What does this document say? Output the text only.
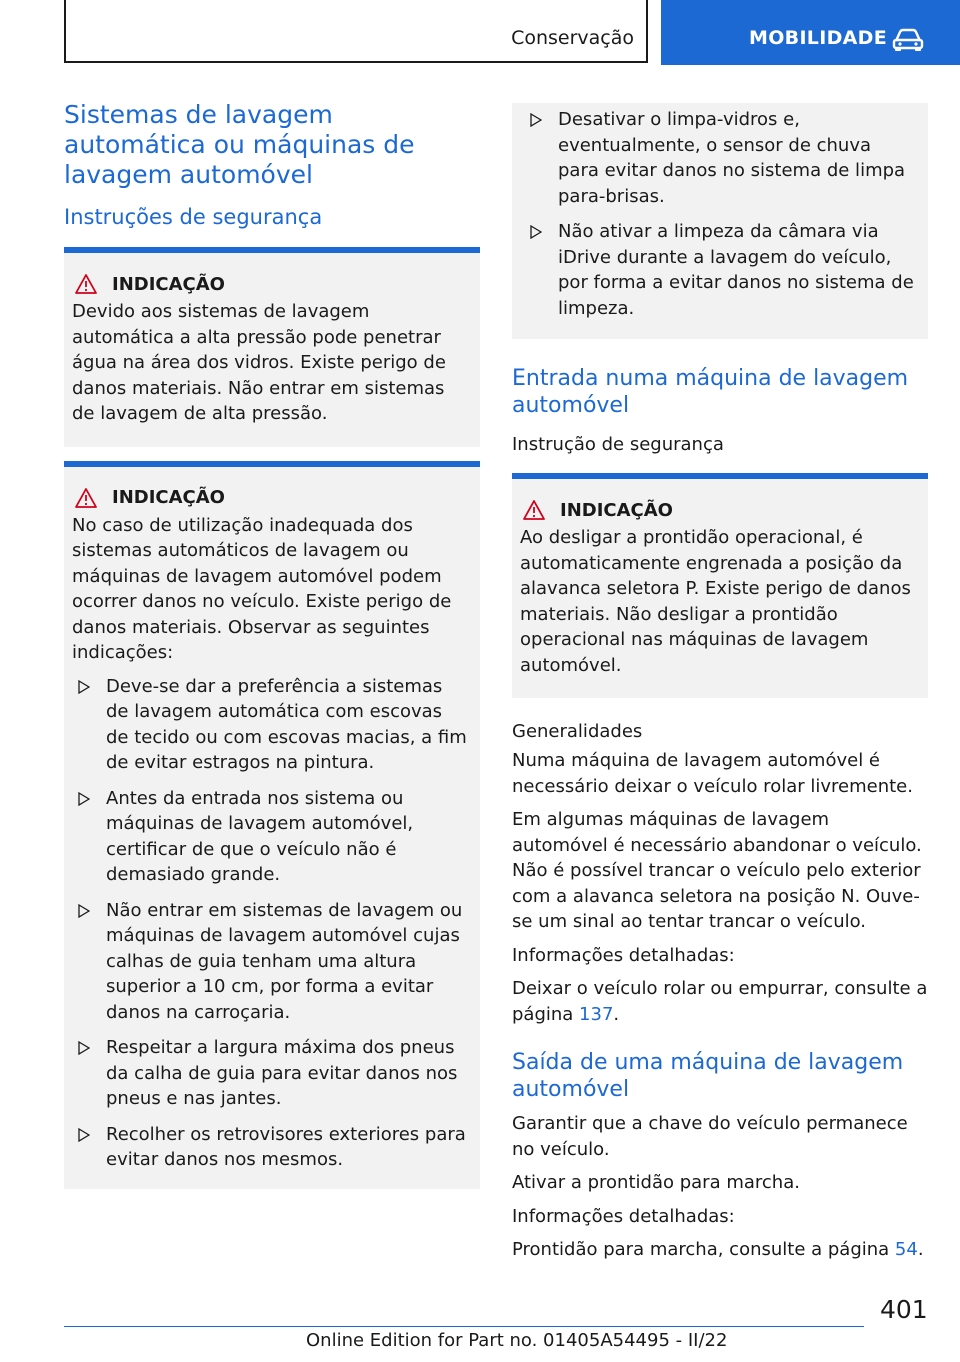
Conservação	MOBILIDADE
Sistemas de lavagem automática ou máquinas de lavagem automóvel
Instruções de segurança
INDICAÇÃO

Devido aos sistemas de lavagem automática a alta pressão pode penetrar água na área dos vidros. Existe perigo de danos materiais. Não entrar em sistemas de lavagem de alta pressão.

INDICAÇÃO

No caso de utilização inadequada dos sistemas automáticos de lavagem ou máquinas de lavagem automóvel podem ocorrer danos no veículo. Existe perigo de danos materiais. Observar as seguintes indicações:

Deve-se dar a preferência a sistemas de lavagem automática com escovas de tecido ou com escovas macias, a fim de evitar estragos na pintura.
Antes da entrada nos sistema ou máquinas de lavagem automóvel, certificar de que o veículo não é demasiado grande.
Não entrar em sistemas de lavagem ou máquinas de lavagem automóvel cujas calhas de guia tenham uma altura superior a 10 cm, por forma a evitar danos na carroçaria.
Respeitar a largura máxima dos pneus da calha de guia para evitar danos nos pneus e nas jantes.
Recolher os retrovisores exteriores para evitar danos nos mesmos.
Desativar o limpa-vidros e, eventualmente, o sensor de chuva para evitar danos no sistema de limpa para-brisas.
Não ativar a limpeza da câmara via iDrive durante a lavagem do veículo, por forma a evitar danos no sistema de limpeza.
Entrada numa máquina de lavagem automóvel
Instrução de segurança
INDICAÇÃO

Ao desligar a prontidão operacional, é automaticamente engrenada a posição da alavanca seletora P. Existe perigo de danos materiais. Não desligar a prontidão operacional nas máquinas de lavagem automóvel.

Generalidades

Numa máquina de lavagem automóvel é necessário deixar o veículo rolar livremente.

Em algumas máquinas de lavagem automóvel é necessário abandonar o veículo. Não é possível trancar o veículo pelo exterior com a alavanca seletora na posição N. Ouve-se um sinal ao tentar trancar o veículo.

Informações detalhadas:

Deixar o veículo rolar ou empurrar, consulte a página 137.

Saída de uma máquina de lavagem automóvel

Garantir que a chave do veículo permanece no veículo.

Ativar a prontidão para marcha.

Informações detalhadas:

Prontidão para marcha, consulte a página 54.

401
Online Edition for Part no. 01405A54495 - II/22
